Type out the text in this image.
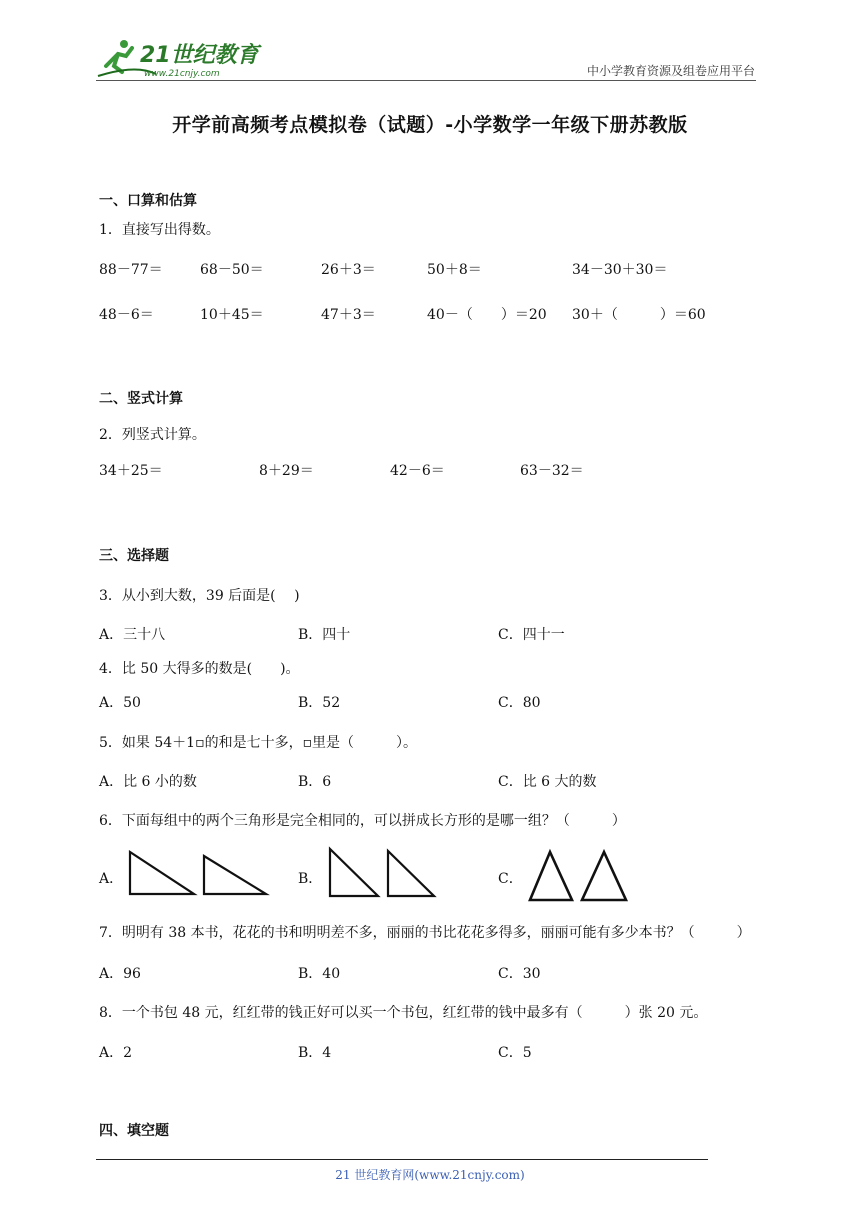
21世纪教育
www.21cnjy.com	中小学教育资源及组卷应用平台
开学前高频考点模拟卷（试题）-小学数学一年级下册苏教版
一、口算和估算
1．直接写出得数。
88－77＝	68－50＝	26＋3＝	50＋8＝	34－30＋30＝
48－6＝	10＋45＝	47＋3＝	40－（　　）＝20 30＋（　　　）＝60
二、竖式计算
2．列竖式计算。
34＋25＝	8＋29＝	42－6＝	63－32＝
三、选择题
3．从小到大数，39 后面是(　 )
A．三十八	B．四十	C．四十一
4．比 50 大得多的数是(　　)。
A．50	B．52	C．80
5．如果 54＋1▫的和是七十多，▫里是（　　　）。
A．比 6 小的数	B．6	C．比 6 大的数
6．下面每组中的两个三角形是完全相同的，可以拼成长方形的是哪一组？（　　　）
A．	B．	C．
7．明明有 38 本书，花花的书和明明差不多，丽丽的书比花花多得多，丽丽可能有多少本书？（　　　）
A．96	B．40	C．30
8．一个书包 48 元，红红带的钱正好可以买一个书包，红红带的钱中最多有（　　　）张 20 元。
A．2	B．4	C．5
四、填空题
21 世纪教育网(www.21cnjy.com)
